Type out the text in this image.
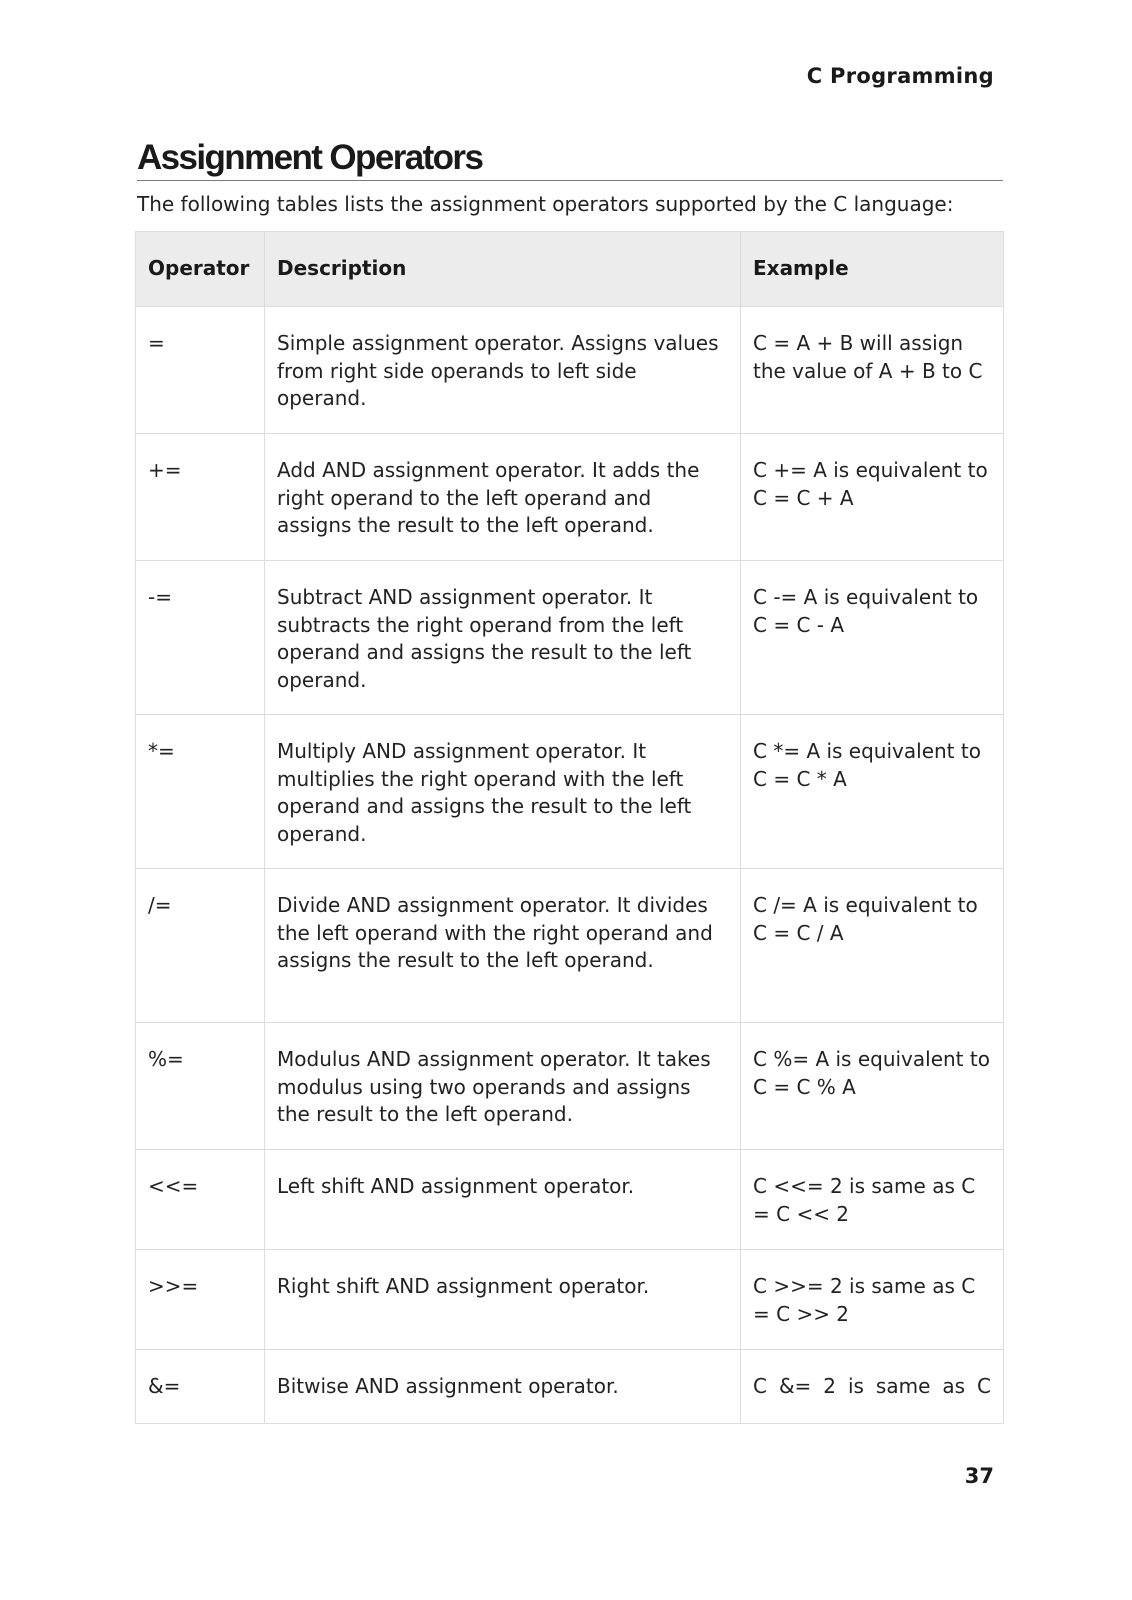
C Programming
Assignment Operators
The following tables lists the assignment operators supported by the C language:
Operator	Description	Example
=	Simple assignment operator. Assigns values from right side operands to left side operand.	C = A + B will assign the value of A + B to C
+=	Add AND assignment operator. It adds the right operand to the left operand and assigns the result to the left operand.	C += A is equivalent to C = C + A
-=	Subtract AND assignment operator. It subtracts the right operand from the left operand and assigns the result to the left operand.	C -= A is equivalent to C = C - A
*=	Multiply AND assignment operator. It multiplies the right operand with the left operand and assigns the result to the left operand.	C *= A is equivalent to C = C * A
/=	Divide AND assignment operator. It divides the left operand with the right operand and assigns the result to the left operand.	C /= A is equivalent to C = C / A
%=	Modulus AND assignment operator. It takes modulus using two operands and assigns the result to the left operand.	C %= A is equivalent to C = C % A
<<=	Left shift AND assignment operator.	C <<= 2 is same as C = C << 2
>>=	Right shift AND assignment operator.	C >>= 2 is same as C = C >> 2
&=	Bitwise AND assignment operator.	C &= 2 is same as C
37
